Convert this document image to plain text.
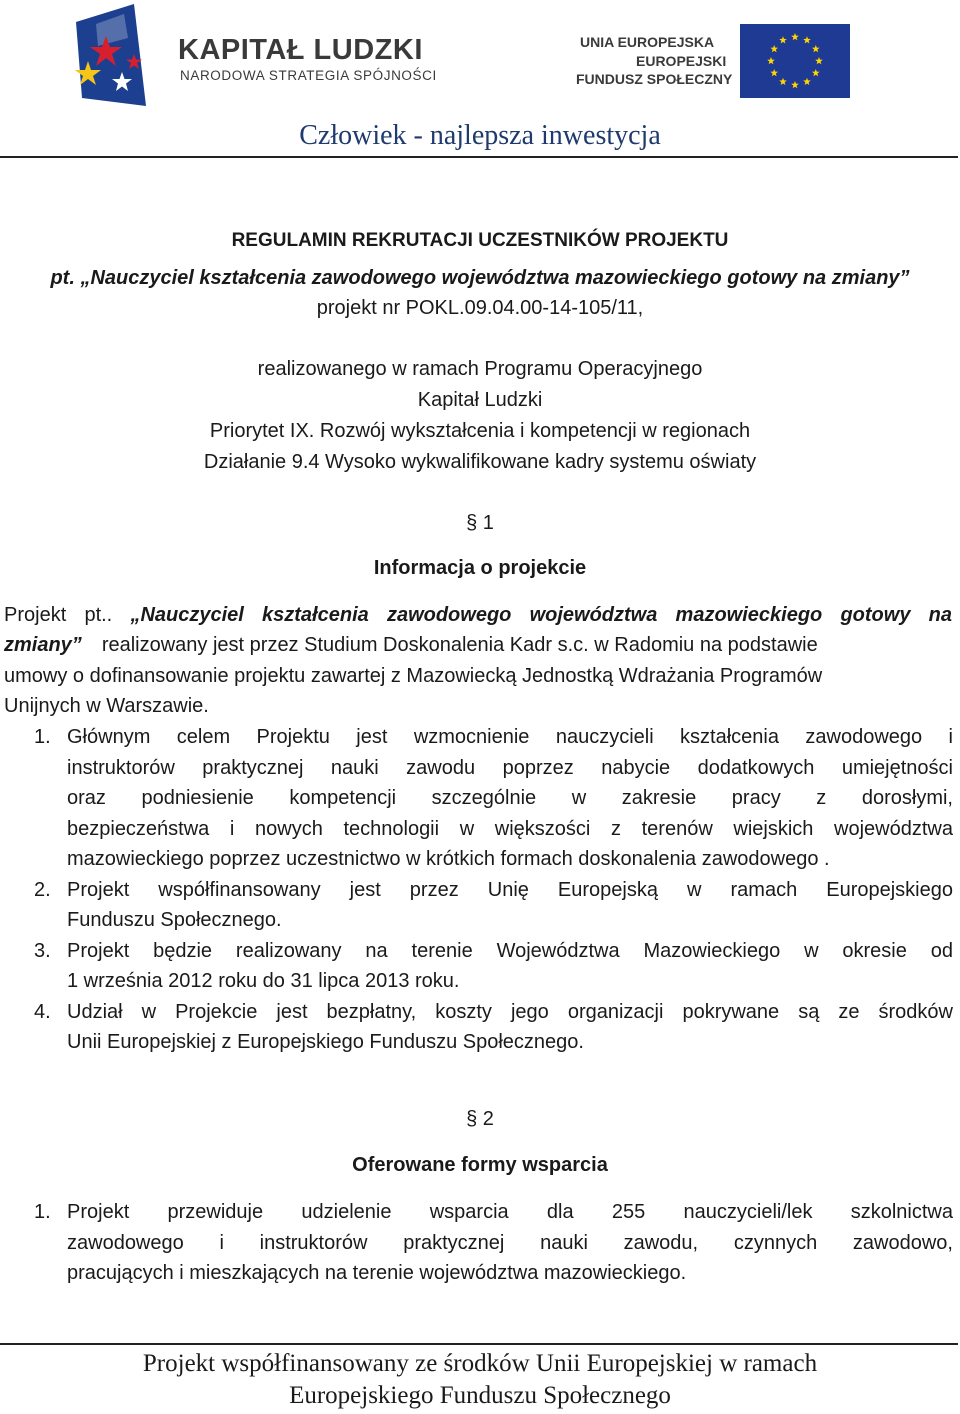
KAPITAŁ LUDZKI
NARODOWA STRATEGIA SPÓJNOŚCI
UNIA EUROPEJSKA
EUROPEJSKI
FUNDUSZ SPOŁECZNY
Człowiek - najlepsza inwestycja
REGULAMIN REKRUTACJI UCZESTNIKÓW PROJEKTU
pt. „Nauczyciel kształcenia zawodowego województwa mazowieckiego gotowy na zmiany”
projekt nr POKL.09.04.00-14-105/11,
realizowanego w ramach Programu Operacyjnego
Kapitał Ludzki
Priorytet IX. Rozwój wykształcenia i kompetencji w regionach
Działanie 9.4 Wysoko wykwalifikowane kadry systemu oświaty
§ 1
Informacja o projekcie
Projekt pt.. „Nauczyciel kształcenia zawodowego województwa mazowieckiego gotowy na
zmiany” realizowany jest przez Studium Doskonalenia Kadr s.c. w Radomiu na podstawie
umowy o dofinansowanie projektu zawartej z Mazowiecką Jednostką Wdrażania Programów
Unijnych w Warszawie.
1. Głównym celem Projektu jest wzmocnienie nauczycieli kształcenia zawodowego i
instruktorów praktycznej nauki zawodu poprzez nabycie dodatkowych umiejętności
oraz podniesienie kompetencji szczególnie w zakresie pracy z dorosłymi,
bezpieczeństwa i nowych technologii w większości z terenów wiejskich województwa
mazowieckiego poprzez uczestnictwo w krótkich formach doskonalenia zawodowego .
2. Projekt współfinansowany jest przez Unię Europejską w ramach Europejskiego
Funduszu Społecznego.
3. Projekt będzie realizowany na terenie Województwa Mazowieckiego w okresie od
1 września 2012 roku do 31 lipca 2013 roku.
4. Udział w Projekcie jest bezpłatny, koszty jego organizacji pokrywane są ze środków
Unii Europejskiej z Europejskiego Funduszu Społecznego.
§ 2
Oferowane formy wsparcia
1. Projekt przewiduje udzielenie wsparcia dla 255 nauczycieli/lek szkolnictwa
zawodowego i instruktorów praktycznej nauki zawodu, czynnych zawodowo,
pracujących i mieszkających na terenie województwa mazowieckiego.
Projekt współfinansowany ze środków Unii Europejskiej w ramach
Europejskiego Funduszu Społecznego
